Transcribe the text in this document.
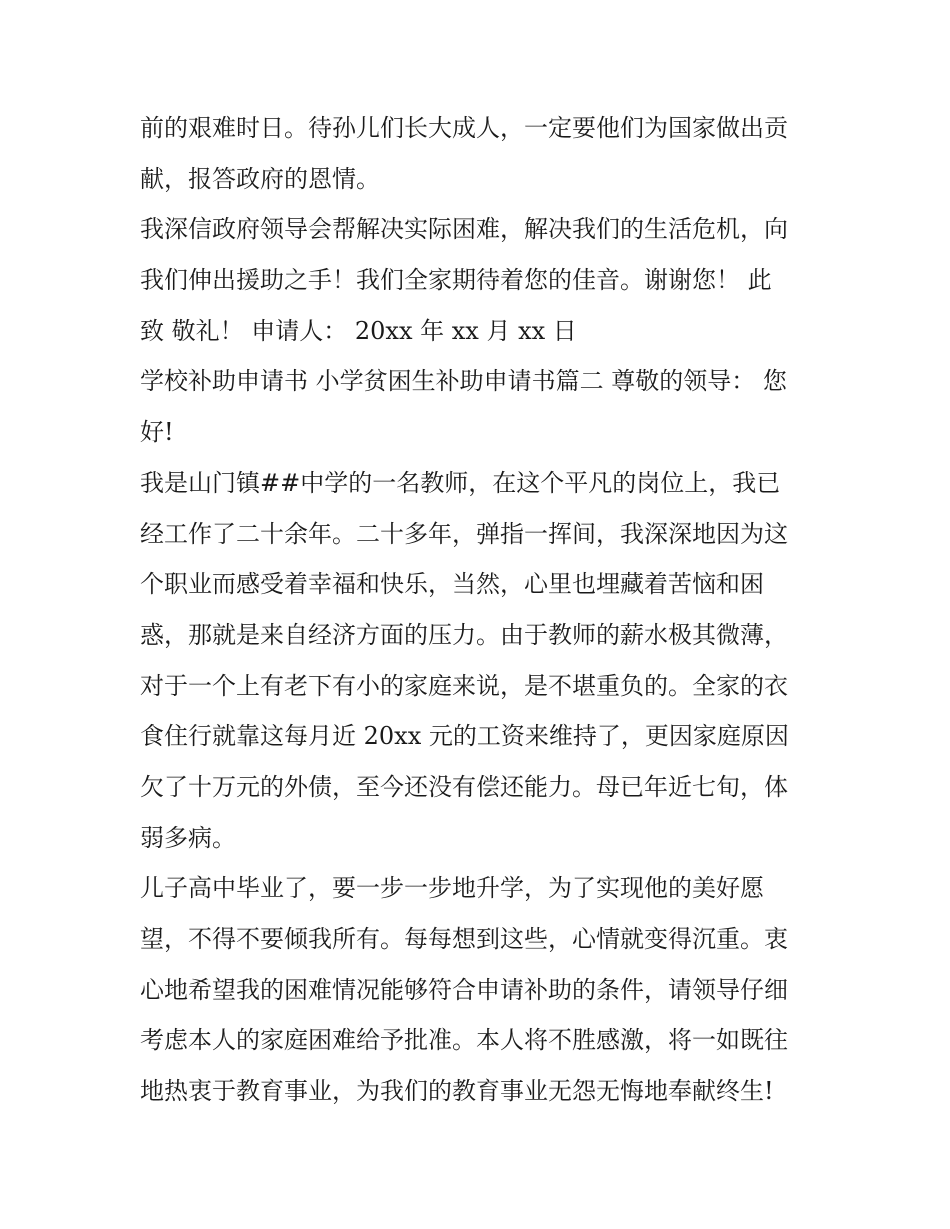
前的艰难时日。待孙儿们长大成人，一定要他们为国家做出贡
献，报答政府的恩情。
我深信政府领导会帮解决实际困难，解决我们的生活危机，向
我们伸出援助之手！我们全家期待着您的佳音。谢谢您！ 此
致 敬礼！ 申请人： 20xx 年 xx 月 xx 日
学校补助申请书 小学贫困生补助申请书篇二 尊敬的领导： 您
好!
我是山门镇##中学的一名教师，在这个平凡的岗位上，我已
经工作了二十余年。二十多年，弹指一挥间，我深深地因为这
个职业而感受着幸福和快乐，当然，心里也埋藏着苦恼和困
惑，那就是来自经济方面的压力。由于教师的薪水极其微薄，
对于一个上有老下有小的家庭来说，是不堪重负的。全家的衣
食住行就靠这每月近 20xx 元的工资来维持了，更因家庭原因
欠了十万元的外债，至今还没有偿还能力。母已年近七旬，体
弱多病。
儿子高中毕业了，要一步一步地升学，为了实现他的美好愿
望，不得不要倾我所有。每每想到这些，心情就变得沉重。衷
心地希望我的困难情况能够符合申请补助的条件，请领导仔细
考虑本人的家庭困难给予批准。本人将不胜感激，将一如既往
地热衷于教育事业，为我们的教育事业无怨无悔地奉献终生!
